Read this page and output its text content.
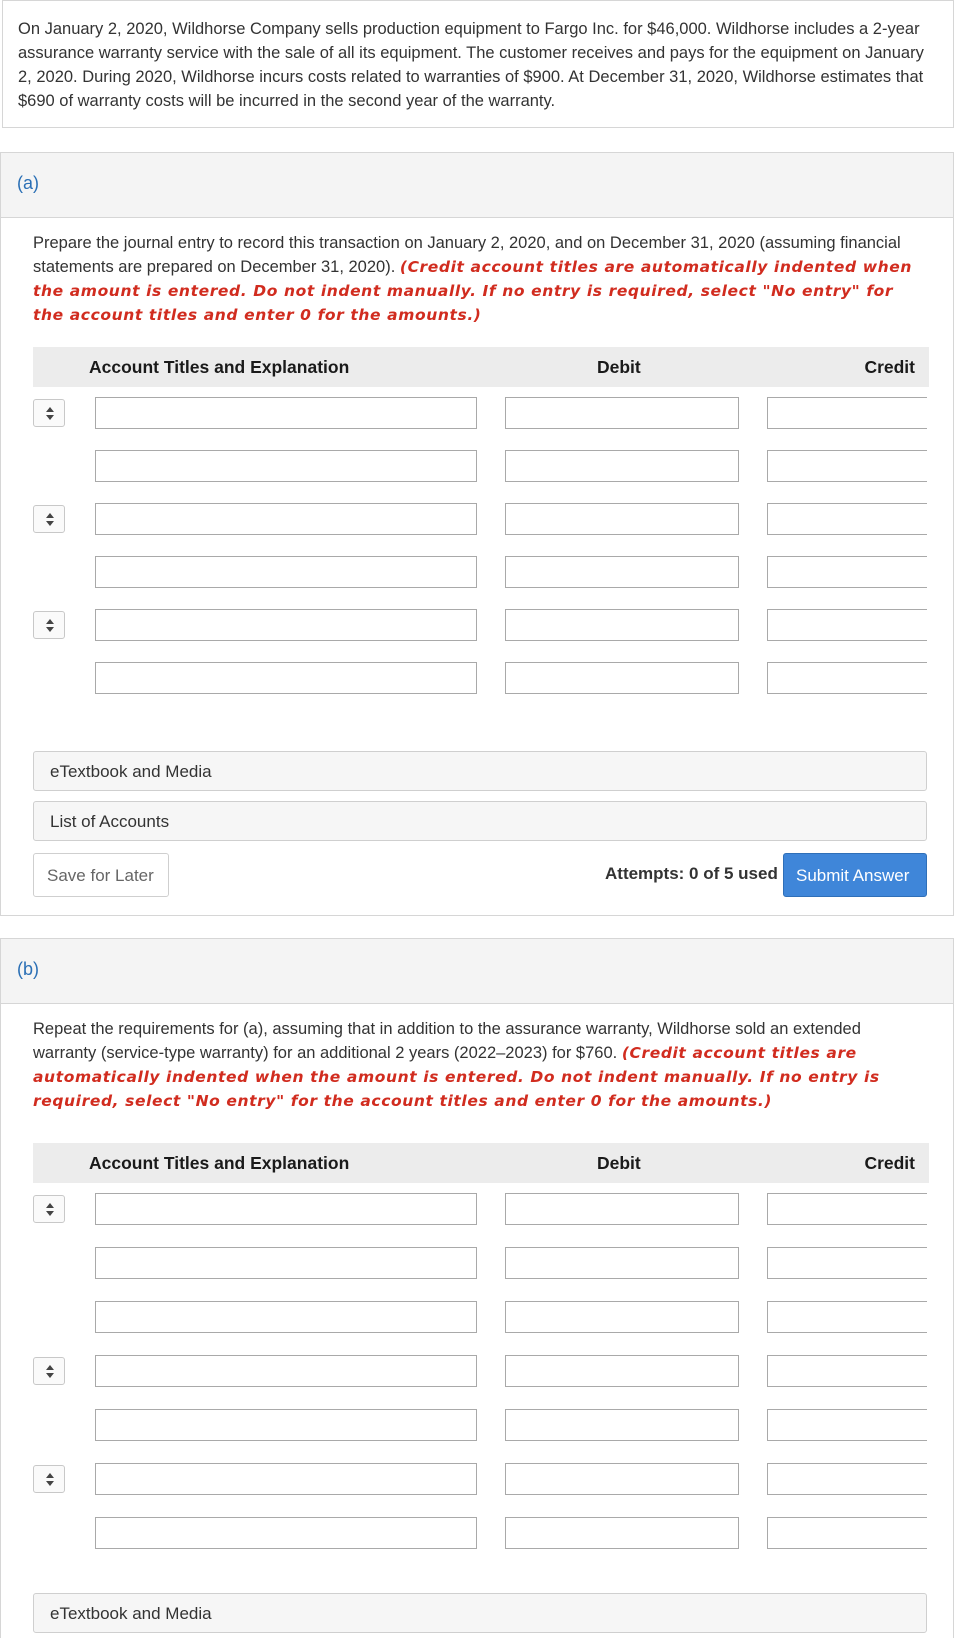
On January 2, 2020, Wildhorse Company sells production equipment to Fargo Inc. for $46,000. Wildhorse includes a 2-year assurance warranty service with the sale of all its equipment. The customer receives and pays for the equipment on January 2, 2020. During 2020, Wildhorse incurs costs related to warranties of $900. At December 31, 2020, Wildhorse estimates that $690 of warranty costs will be incurred in the second year of the warranty.

(a)
Prepare the journal entry to record this transaction on January 2, 2020, and on December 31, 2020 (assuming financial statements are prepared on December 31, 2020). (Credit account titles are automatically indented when the amount is entered. Do not indent manually. If no entry is required, select "No entry" for the account titles and enter 0 for the amounts.)
Account Titles and Explanation	Debit	Credit
eTextbook and Media
List of Accounts
Save for Later	Attempts: 0 of 5 used Submit Answer
(b)
Repeat the requirements for (a), assuming that in addition to the assurance warranty, Wildhorse sold an extended warranty (service-type warranty) for an additional 2 years (2022–2023) for $760. (Credit account titles are automatically indented when the amount is entered. Do not indent manually. If no entry is required, select "No entry" for the account titles and enter 0 for the amounts.)
Account Titles and Explanation	Debit	Credit
eTextbook and Media
